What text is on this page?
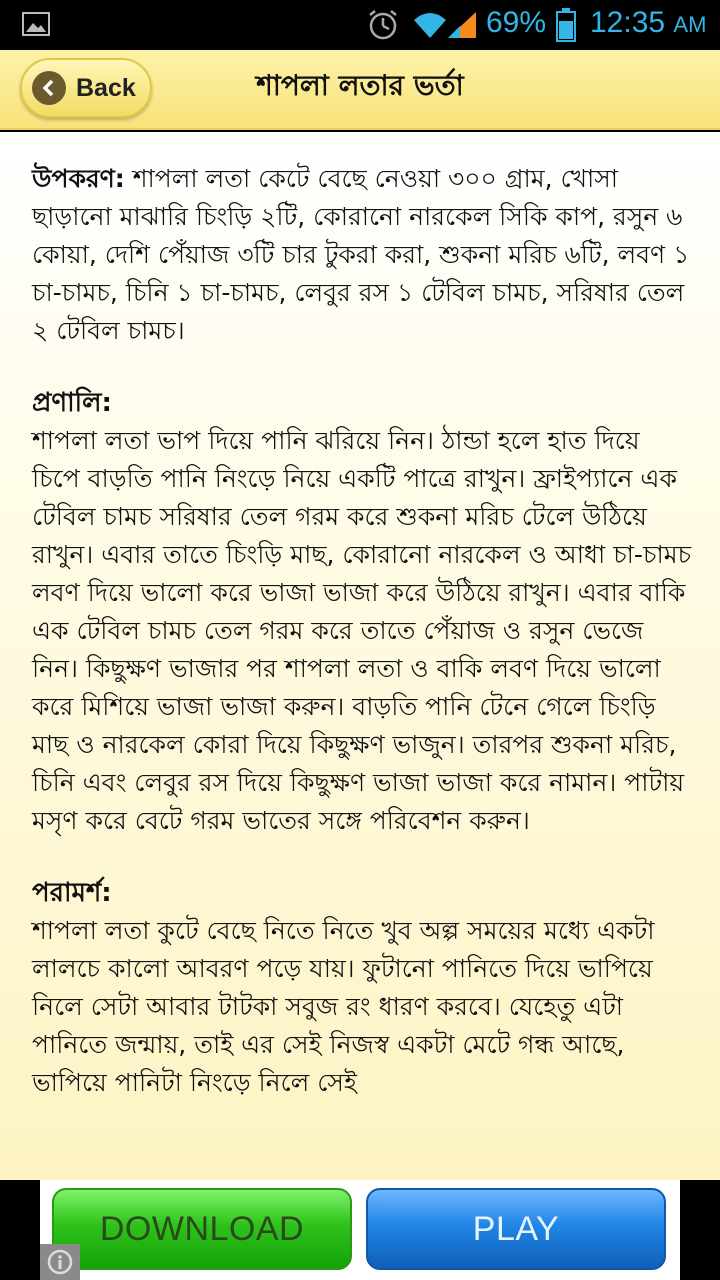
69% 12:35 AM
Back	শাপলা লতার ভর্তা

উপকরণ: শাপলা লতা কেটে বেছে নেওয়া ৩০০ গ্রাম, খোসা ছাড়ানো মাঝারি চিংড়ি ২টি, কোরানো নারকেল সিকি কাপ, রসুন ৬ কোয়া, দেশি পেঁয়াজ ৩টি চার টুকরা করা, শুকনা মরিচ ৬টি, লবণ ১ চা-চামচ, চিনি ১ চা-চামচ, লেবুর রস ১ টেবিল চামচ, সরিষার তেল ২ টেবিল চামচ।

প্রণালি:

শাপলা লতা ভাপ দিয়ে পানি ঝরিয়ে নিন। ঠান্ডা হলে হাত দিয়ে চিপে বাড়তি পানি নিংড়ে নিয়ে একটি পাত্রে রাখুন। ফ্রাইপ্যানে এক টেবিল চামচ সরিষার তেল গরম করে শুকনা মরিচ টেলে উঠিয়ে রাখুন। এবার তাতে চিংড়ি মাছ, কোরানো নারকেল ও আধা চা-চামচ লবণ দিয়ে ভালো করে ভাজা ভাজা করে উঠিয়ে রাখুন। এবার বাকি এক টেবিল চামচ তেল গরম করে তাতে পেঁয়াজ ও রসুন ভেজে নিন। কিছুক্ষণ ভাজার পর শাপলা লতা ও বাকি লবণ দিয়ে ভালো করে মিশিয়ে ভাজা ভাজা করুন। বাড়তি পানি টেনে গেলে চিংড়ি মাছ ও নারকেল কোরা দিয়ে কিছুক্ষণ ভাজুন। তারপর শুকনা মরিচ, চিনি এবং লেবুর রস দিয়ে কিছুক্ষণ ভাজা ভাজা করে নামান। পাটায় মসৃণ করে বেটে গরম ভাতের সঙ্গে পরিবেশন করুন।

পরামর্শ:

শাপলা লতা কুটে বেছে নিতে নিতে খুব অল্প সময়ের মধ্যে একটা লালচে কালো আবরণ পড়ে যায়। ফুটানো পানিতে দিয়ে ভাপিয়ে নিলে সেটা আবার টাটকা সবুজ রং ধারণ করবে। যেহেতু এটা পানিতে জন্মায়, তাই এর সেই নিজস্ব একটা মেটে গন্ধ আছে, ভাপিয়ে পানিটা নিংড়ে নিলে সেই

DOWNLOAD	PLAY
